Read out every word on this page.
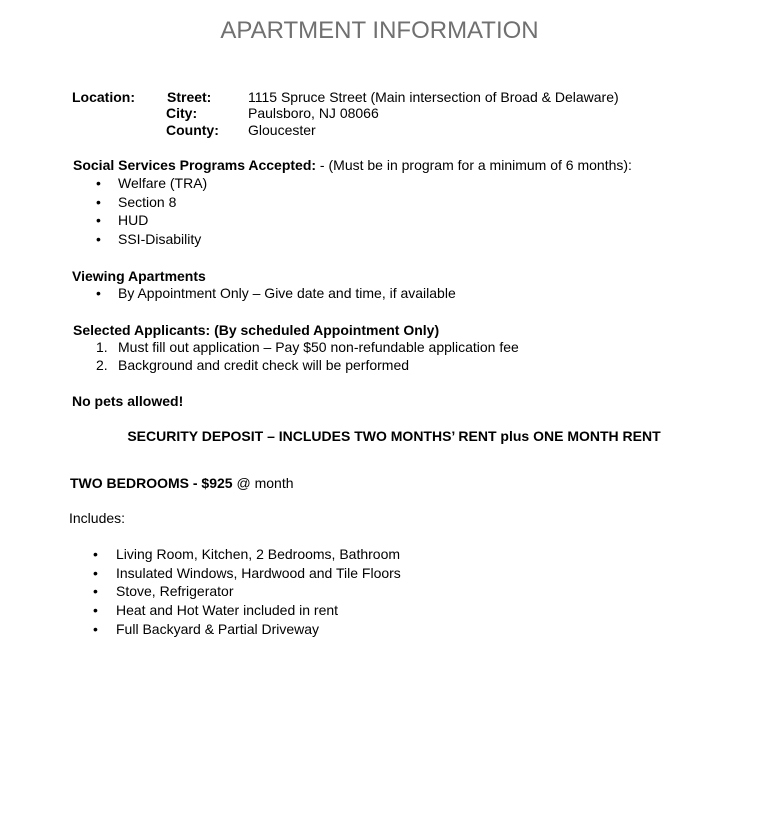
APARTMENT INFORMATION
Location: Street:	1115 Spruce Street (Main intersection of Broad & Delaware)
City:	Paulsboro, NJ 08066
County: Gloucester
Social Services Programs Accepted: - (Must be in program for a minimum of 6 months):
• Welfare (TRA)
• Section 8
• HUD
• SSI-Disability
Viewing Apartments
• By Appointment Only – Give date and time, if available
Selected Applicants: (By scheduled Appointment Only)
1. Must fill out application – Pay $50 non-refundable application fee
2. Background and credit check will be performed
No pets allowed!
SECURITY DEPOSIT – INCLUDES TWO MONTHS’ RENT plus ONE MONTH RENT
TWO BEDROOMS - $925 @ month
Includes:
• Living Room, Kitchen, 2 Bedrooms, Bathroom
• Insulated Windows, Hardwood and Tile Floors
• Stove, Refrigerator
• Heat and Hot Water included in rent
• Full Backyard & Partial Driveway
